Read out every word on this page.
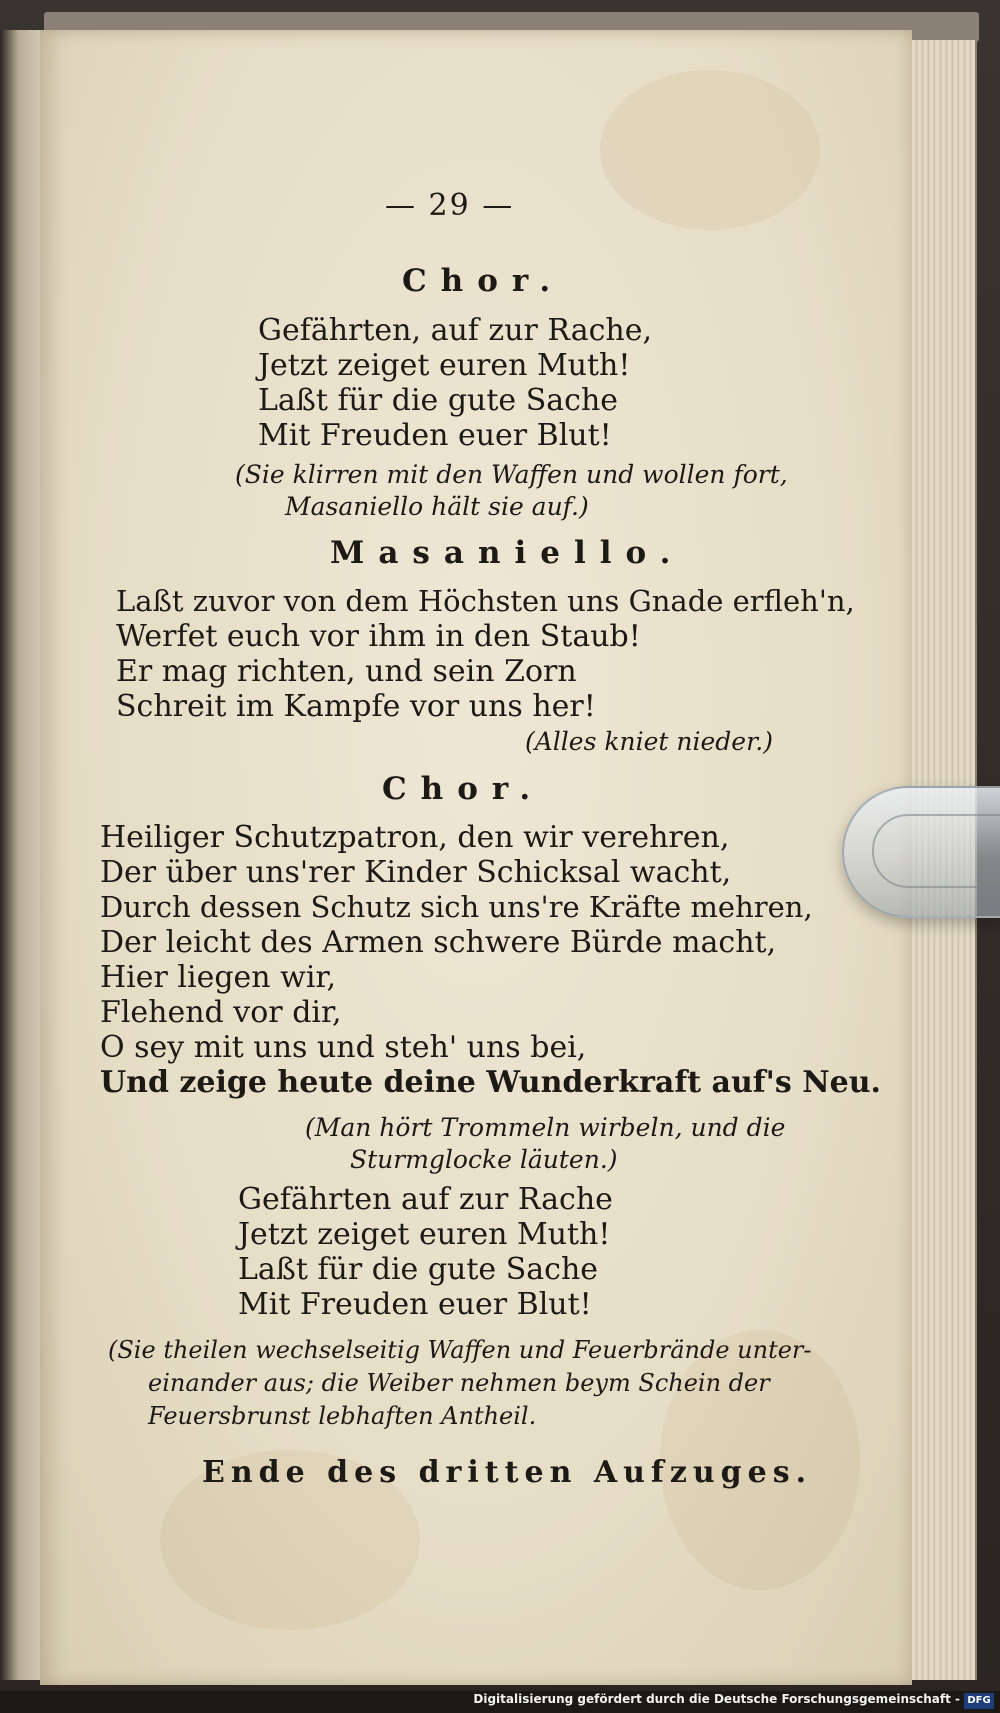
— 29 —
Chor.
Gefährten, auf zur Rache,
Jetzt zeiget euren Muth!
Laßt für die gute Sache
Mit Freuden euer Blut!
(Sie klirren mit den Waffen und wollen fort,
Masaniello hält sie auf.)
Masaniello.
Laßt zuvor von dem Höchsten uns Gnade erfleh'n,
Werfet euch vor ihm in den Staub!
Er mag richten, und sein Zorn
Schreit im Kampfe vor uns her!
(Alles kniet nieder.)
Chor.
Heiliger Schutzpatron, den wir verehren,
Der über uns'rer Kinder Schicksal wacht,
Durch dessen Schutz sich uns're Kräfte mehren,
Der leicht des Armen schwere Bürde macht,
Hier liegen wir,
Flehend vor dir,
O sey mit uns und steh' uns bei,
Und zeige heute deine Wunderkraft auf's Neu.
(Man hört Trommeln wirbeln, und die
Sturmglocke läuten.)
Gefährten auf zur Rache
Jetzt zeiget euren Muth!
Laßt für die gute Sache
Mit Freuden euer Blut!
(Sie theilen wechselseitig Waffen und Feuerbrände unter-
einander aus; die Weiber nehmen beym Schein der
Feuersbrunst lebhaften Antheil.
Ende des dritten Aufzuges.
Digitalisierung gefördert durch die Deutsche Forschungsgemeinschaft - DFG
